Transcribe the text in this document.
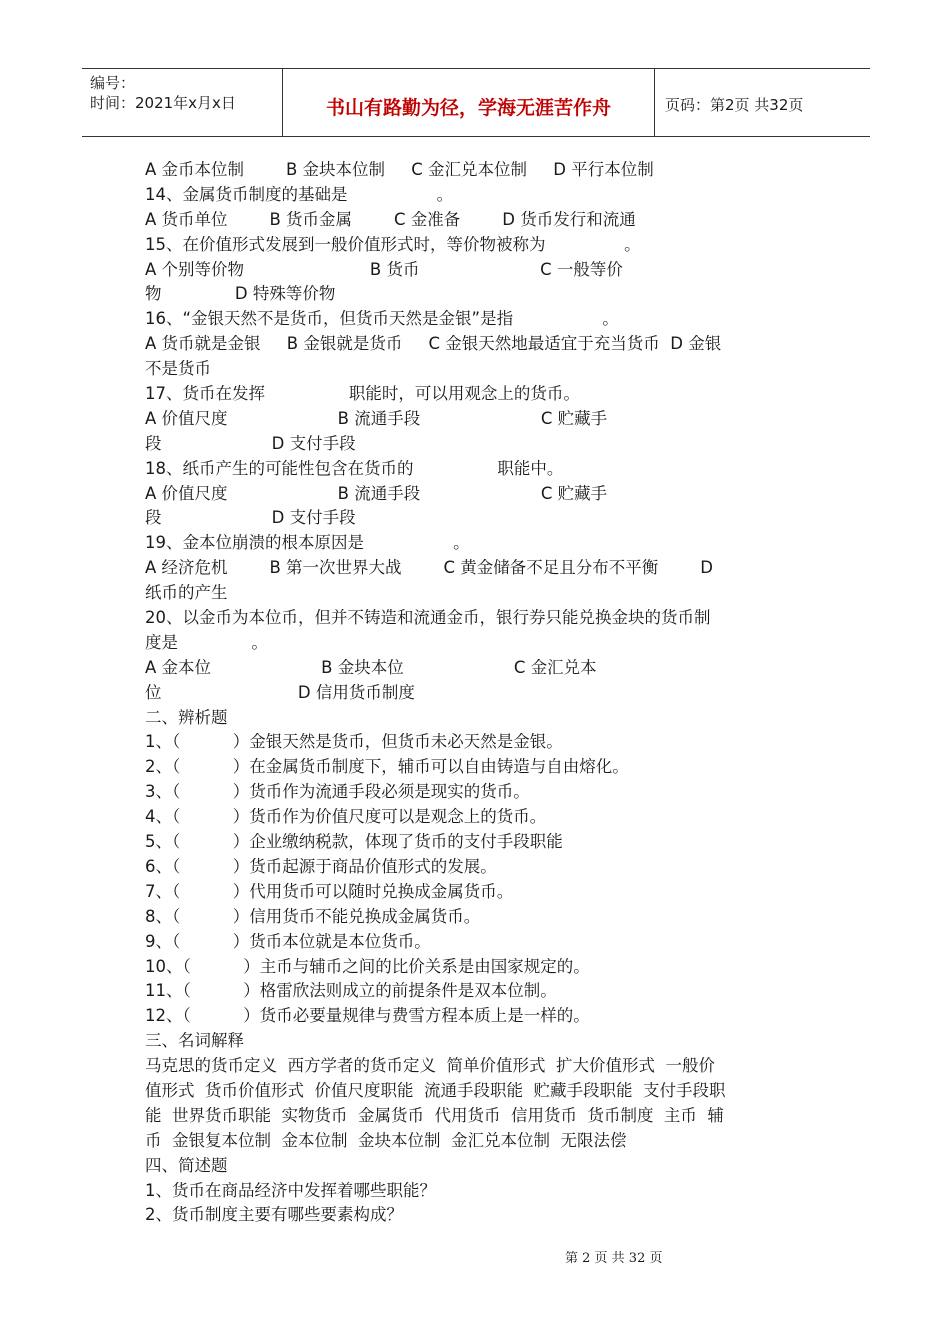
编号：
时间：2021年x月x日	书山有路勤为径，学海无涯苦作舟	页码：第2页 共32页
A 金币本位制        B 金块本位制     C 金汇兑本位制     D 平行本位制
14、金属货币制度的基础是                 。
A 货币单位        B 货币金属        C 金准备        D 货币发行和流通
15、在价值形式发展到一般价值形式时，等价物被称为               。
A 个别等价物                        B 货币                       C 一般等价
物              D 特殊等价物
16、“金银天然不是货币，但货币天然是金银”是指                 。
A 货币就是金银     B 金银就是货币     C 金银天然地最适宜于充当货币  D 金银
不是货币
17、货币在发挥                职能时，可以用观念上的货币。
A 价值尺度                     B 流通手段                       C 贮藏手
段                     D 支付手段
18、纸币产生的可能性包含在货币的                职能中。
A 价值尺度                     B 流通手段                       C 贮藏手
段                     D 支付手段
19、金本位崩溃的根本原因是                 。
A 经济危机        B 第一次世界大战        C 黄金储备不足且分布不平衡        D
纸币的产生
20、以金币为本位币，但并不铸造和流通金币，银行券只能兑换金块的货币制
度是              。
A 金本位                     B 金块本位                     C 金汇兑本
位                          D 信用货币制度
二、辨析题
1、（          ）金银天然是货币，但货币未必天然是金银。
2、（          ）在金属货币制度下，辅币可以自由铸造与自由熔化。
3、（          ）货币作为流通手段必须是现实的货币。
4、（          ）货币作为价值尺度可以是观念上的货币。
5、（          ）企业缴纳税款，体现了货币的支付手段职能
6、（          ）货币起源于商品价值形式的发展。
7、（          ）代用货币可以随时兑换成金属货币。
8、（          ）信用货币不能兑换成金属货币。
9、（          ）货币本位就是本位货币。
10、（          ）主币与辅币之间的比价关系是由国家规定的。
11、（          ）格雷欣法则成立的前提条件是双本位制。
12、（          ）货币必要量规律与费雪方程本质上是一样的。
三、名词解释
马克思的货币定义  西方学者的货币定义  简单价值形式  扩大价值形式  一般价
值形式  货币价值形式  价值尺度职能  流通手段职能  贮藏手段职能  支付手段职
能  世界货币职能  实物货币  金属货币  代用货币  信用货币  货币制度  主币  辅
币  金银复本位制  金本位制  金块本位制  金汇兑本位制  无限法偿
四、简述题
1、货币在商品经济中发挥着哪些职能？
2、货币制度主要有哪些要素构成？
第 2 页 共 32 页
